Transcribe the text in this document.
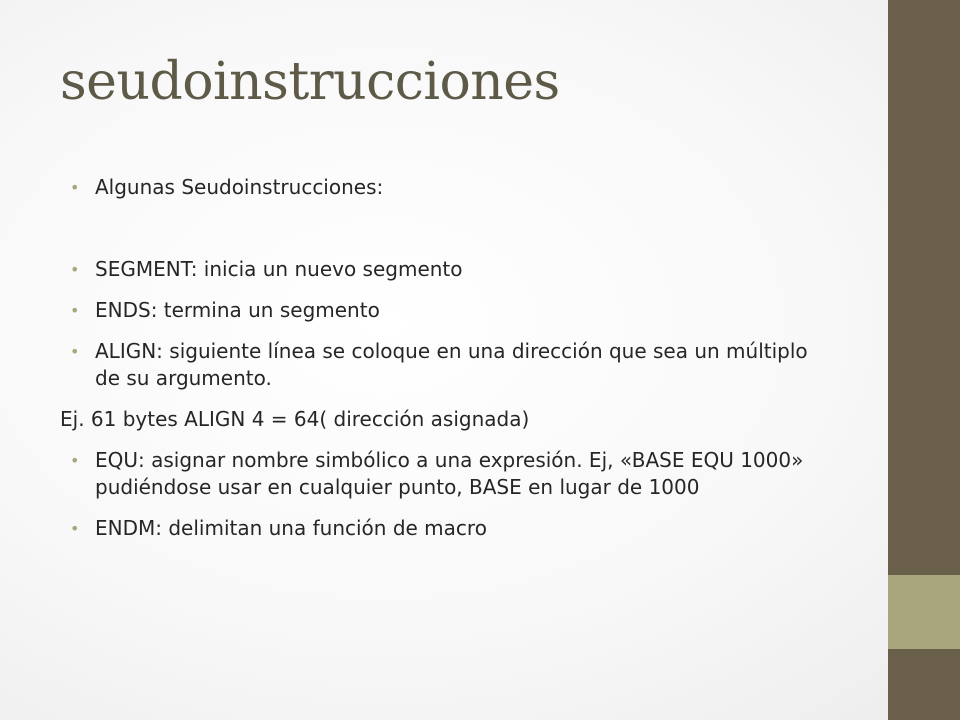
seudoinstrucciones

• Algunas Seudoinstrucciones:

• SEGMENT: inicia un nuevo segmento

• ENDS: termina un segmento

• ALIGN: siguiente línea se coloque en una dirección que sea un múltiplo de su argumento.

Ej. 61 bytes ALIGN 4 = 64( dirección asignada)

• EQU: asignar nombre simbólico a una expresión. Ej, «BASE EQU 1000» pudiéndose usar en cualquier punto, BASE en lugar de 1000

• ENDM: delimitan una función de macro
